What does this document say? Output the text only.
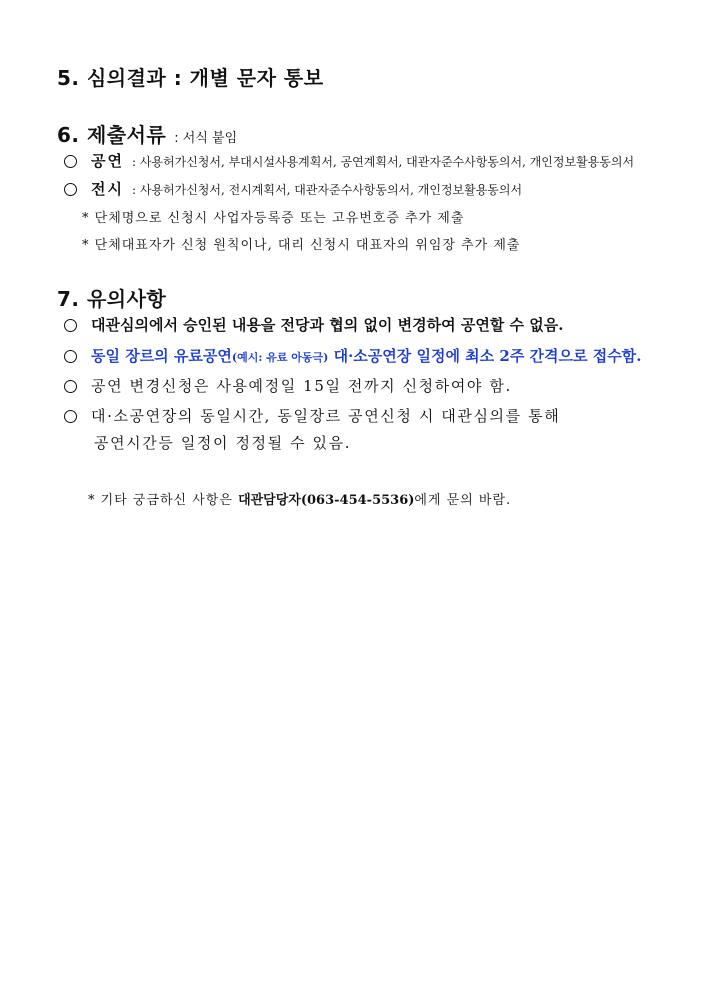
5. 심의결과 : 개별 문자 통보
6. 제출서류 : 서식 붙임
공연 : 사용허가신청서, 부대시설사용계획서, 공연계획서, 대관자준수사항동의서, 개인정보활용동의서
전시 : 사용허가신청서, 전시계획서, 대관자준수사항동의서, 개인정보활용동의서
* 단체명으로 신청시 사업자등록증 또는 고유번호증 추가 제출
* 단체대표자가 신청 원칙이나, 대리 신청시 대표자의 위임장 추가 제출
7. 유의사항
대관심의에서 승인된 내용을 전당과 협의 없이 변경하여 공연할 수 없음.
동일 장르의 유료공연(예시: 유료 아동극) 대·소공연장 일정에 최소 2주 간격으로 접수함.
공연 변경신청은 사용예정일 15일 전까지 신청하여야 함.
대·소공연장의 동일시간, 동일장르 공연신청 시 대관심의를 통해
공연시간등 일정이 정정될 수 있음.
* 기타 궁금하신 사항은 대관담당자(063-454-5536)에게 문의 바람.
